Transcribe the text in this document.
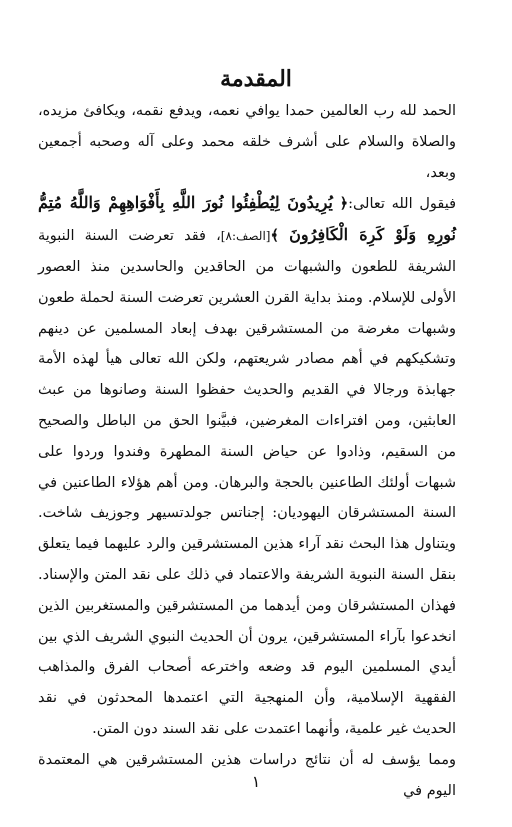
المقدمة

الحمد لله رب العالمين حمدا يوافي نعمه، ويدفع نقمه، ويكافئ مزيده، والصلاة والسلام على أشرف خلقه محمد وعلى آله وصحبه أجمعين وبعد،

فيقول الله تعالى:﴿ يُرِيدُونَ لِيُطْفِئُوا نُورَ اللَّهِ بِأَفْوَاهِهِمْ وَاللَّهُ مُتِمُّ نُورِهِ وَلَوْ كَرِهَ الْكَافِرُونَ ﴾[الصف:٨]، فقد تعرضت السنة النبوية الشريفة للطعون والشبهات من الحاقدين والحاسدين منذ العصور الأولى للإسلام. ومنذ بداية القرن العشرين تعرضت السنة لحملة طعون وشبهات مغرضة من المستشرقين بهدف إبعاد المسلمين عن دينهم وتشكيكهم في أهم مصادر شريعتهم، ولكن الله تعالى هيأ لهذه الأمة جهابذة ورجالا في القديم والحديث حفظوا السنة وصانوها من عبث العابثين، ومن افتراءات المغرضين، فبيَّنوا الحق من الباطل والصحيح من السقيم، وذادوا عن حياض السنة المطهرة وفندوا وردوا على شبهات أولئك الطاعنين بالحجة والبرهان. ومن أهم هؤلاء الطاعنين في السنة المستشرقان اليهوديان: إجناتس جولدتسيهر وجوزيف شاخت. ويتناول هذا البحث نقد آراء هذين المستشرقين والرد عليهما فيما يتعلق بنقل السنة النبوية الشريفة والاعتماد في ذلك على نقد المتن والإسناد. فهذان المستشرقان ومن أيدهما من المستشرقين والمستغربين الذين انخدعوا بآراء المستشرقين، يرون أن الحديث النبوي الشريف الذي بين أيدي المسلمين اليوم قد وضعه واخترعه أصحاب الفرق والمذاهب الفقهية الإسلامية، وأن المنهجية التي اعتمدها المحدثون في نقد الحديث غير علمية، وأنهما اعتمدت على نقد السند دون المتن.

ومما يؤسف له أن نتائج دراسات هذين المستشرقين هي المعتمدة اليوم في

١
